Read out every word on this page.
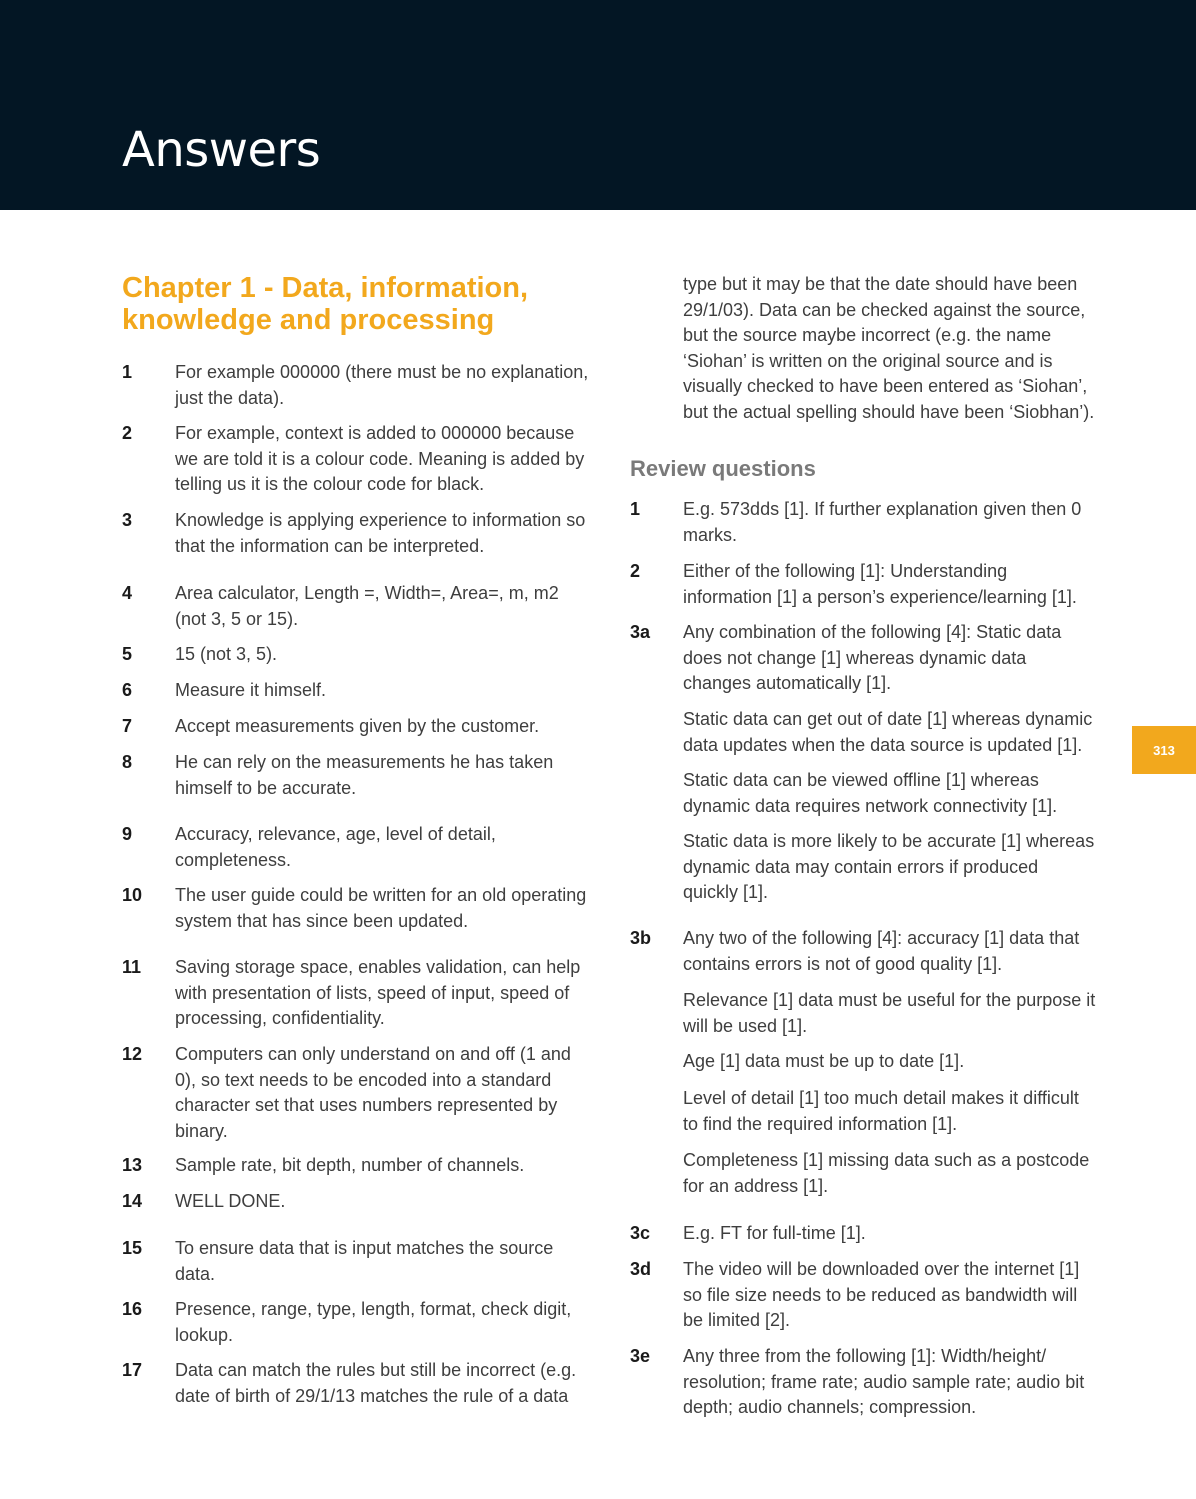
Answers
Chapter 1 - Data, information, knowledge and processing
1 For example 000000 (there must be no explanation, just the data).
2 For example, context is added to 000000 because we are told it is a colour code. Meaning is added by telling us it is the colour code for black.
3 Knowledge is applying experience to information so that the information can be interpreted.
4 Area calculator, Length =, Width=, Area=, m, m2 (not 3, 5 or 15).
5 15 (not 3, 5).
6 Measure it himself.
7 Accept measurements given by the customer.
8 He can rely on the measurements he has taken himself to be accurate.
9 Accuracy, relevance, age, level of detail, completeness.
10 The user guide could be written for an old operating system that has since been updated.
11 Saving storage space, enables validation, can help with presentation of lists, speed of input, speed of processing, confidentiality.
12 Computers can only understand on and off (1 and 0), so text needs to be encoded into a standard character set that uses numbers represented by binary.
13 Sample rate, bit depth, number of channels.
14 WELL DONE.
15 To ensure data that is input matches the source data.
16 Presence, range, type, length, format, check digit, lookup.
17 Data can match the rules but still be incorrect (e.g. date of birth of 29/1/13 matches the rule of a data
type but it may be that the date should have been 29/1/03). Data can be checked against the source, but the source maybe incorrect (e.g. the name ‘Siohan’ is written on the original source and is visually checked to have been entered as ‘Siohan’, but the actual spelling should have been ‘Siobhan’).
Review questions
1 E.g. 573dds [1]. If further explanation given then 0 marks.
2 Either of the following [1]: Understanding information [1] a person’s experience/learning [1].
3a Any combination of the following [4]: Static data does not change [1] whereas dynamic data changes automatically [1].
Static data can get out of date [1] whereas dynamic data updates when the data source is updated [1].
Static data can be viewed offline [1] whereas dynamic data requires network connectivity [1].
Static data is more likely to be accurate [1] whereas dynamic data may contain errors if produced quickly [1].
3b Any two of the following [4]: accuracy [1] data that contains errors is not of good quality [1].
Relevance [1] data must be useful for the purpose it will be used [1].
Age [1] data must be up to date [1].
Level of detail [1] too much detail makes it difficult to find the required information [1].
Completeness [1] missing data such as a postcode for an address [1].
3c E.g. FT for full-time [1].
3d The video will be downloaded over the internet [1] so file size needs to be reduced as bandwidth will be limited [2].
3e Any three from the following [1]: Width/height/ resolution; frame rate; audio sample rate; audio bit depth; audio channels; compression.
313
